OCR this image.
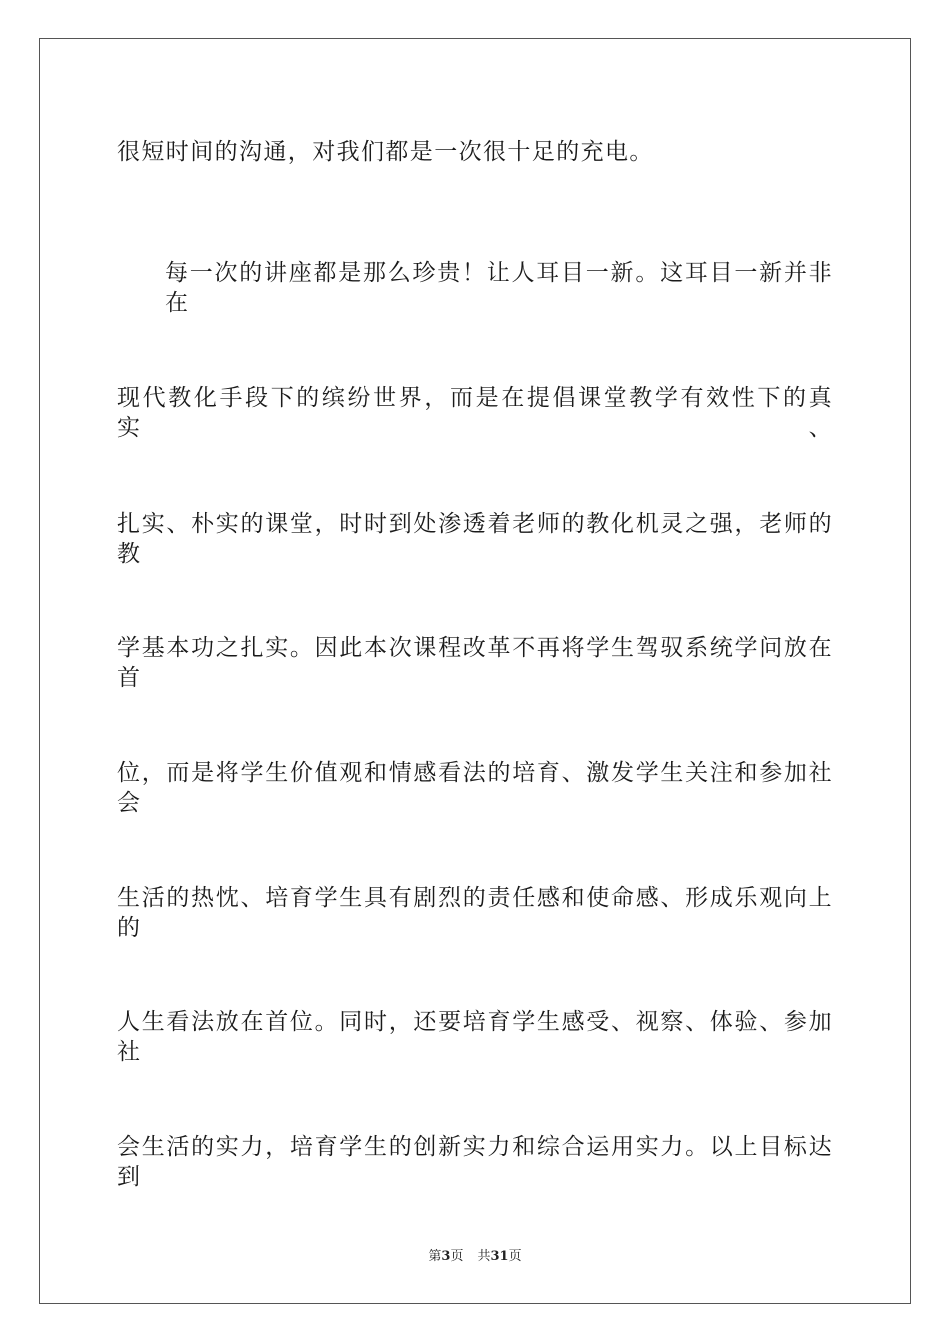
很短时间的沟通，对我们都是一次很十足的充电。
每一次的讲座都是那么珍贵！让人耳目一新。这耳目一新并非在
现代教化手段下的缤纷世界，而是在提倡课堂教学有效性下的真实、
扎实、朴实的课堂，时时到处渗透着老师的教化机灵之强，老师的教
学基本功之扎实。因此本次课程改革不再将学生驾驭系统学问放在首
位，而是将学生价值观和情感看法的培育、激发学生关注和参加社会
生活的热忱、培育学生具有剧烈的责任感和使命感、形成乐观向上的
人生看法放在首位。同时，还要培育学生感受、视察、体验、参加社
会生活的实力，培育学生的创新实力和综合运用实力。以上目标达到
第3页 共31页
